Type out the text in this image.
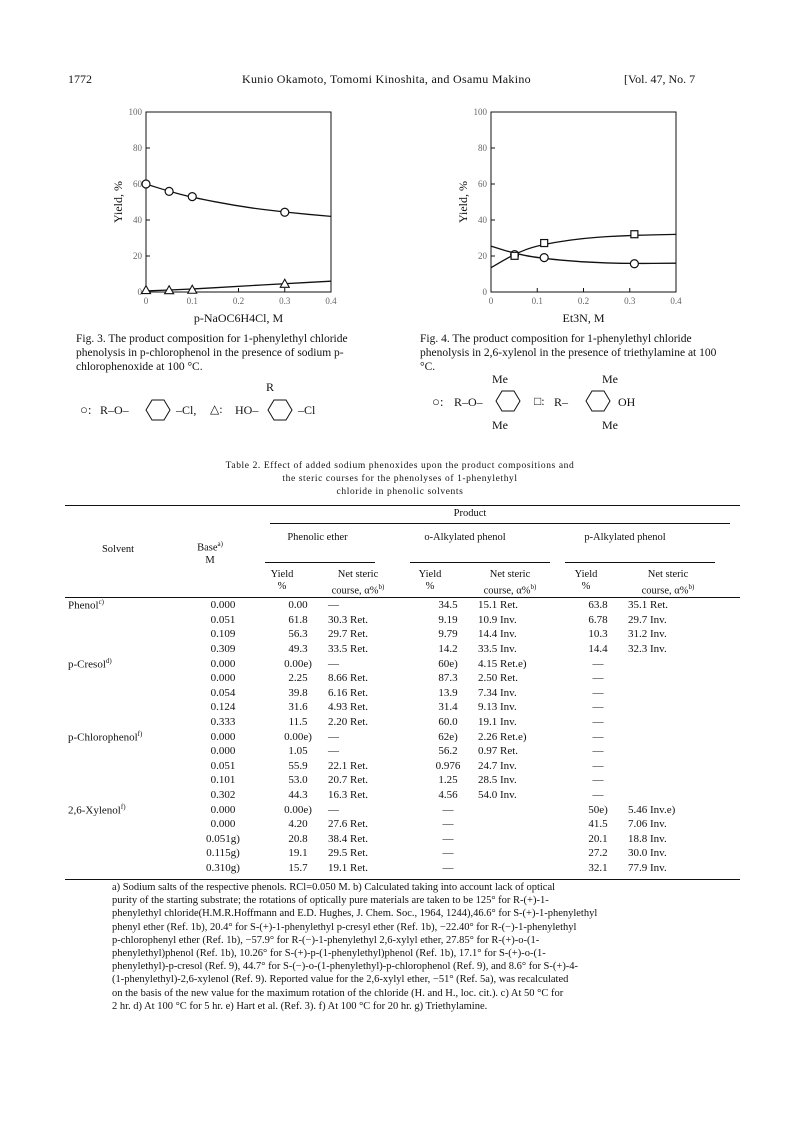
1772	Kunio Okamoto, Tomomi Kinoshita, and Osamu Makino	[Vol. 47, No. 7
0	0.1	0.2	0.3	0.4
0
20
40
60
80
100
p-NaOC6H4Cl, M
Yield, %
0	0.1	0.2	0.3	0.4
0
20
40
60
80
100
Et3N, M
Yield, %
Fig. 3. The product composition for 1-phenylethyl chloride phenolysis in p-chlorophenol in the presence of sodium p-chlorophenoxide at 100 °C.
Fig. 4. The product composition for 1-phenylethyl chloride phenolysis in 2,6-xylenol in the presence of triethylamine at 100 °C.
○: R–O–	–Cl, △:
R
HO–	–Cl
Me	Me
○: R–O–	□: R–	OH
Me	Me
Table 2. Effect of added sodium phenoxides upon the product compositions and
the steric courses for the phenolyses of 1-phenylethyl
chloride in phenolic solvents
Product
Solvent	Base$^{a)}$
M
Phenolic ether	o-Alkylated phenol	p-Alkylated phenol
Yield
%
Net steric
course, α%$^{b)}$
Yield
%
Net steric
course, α%$^{b)}$
Yield
%
Net steric
course, α%$^{b)}$
Phenol$^{c)}$	0.000	0.00	—	34.5	15.1 Ret.	63.8	35.1 Ret.
	0.051	61.8	30.3 Ret.	9.19	10.9 Inv.	6.78	29.7 Inv.
	0.109	56.3	29.7 Ret.	9.79	14.4 Inv.	10.3	31.2 Inv.
	0.309	49.3	33.5 Ret.	14.2	33.5 Inv.	14.4	32.3 Inv.
p-Cresol$^{d)}$	0.000	0.00e)	—	60e)	4.15 Ret.e)	—	
	0.000	2.25	8.66 Ret.	87.3	2.50 Ret.	—	
	0.054	39.8	6.16 Ret.	13.9	7.34 Inv.	—	
	0.124	31.6	4.93 Ret.	31.4	9.13 Inv.	—	
	0.333	11.5	2.20 Ret.	60.0	19.1 Inv.	—	
p-Chlorophenol$^{f)}$	0.000	0.00e)	—	62e)	2.26 Ret.e)	—	
	0.000	1.05	—	56.2	0.97 Ret.	—	
	0.051	55.9	22.1 Ret.	0.976	24.7 Inv.	—	
	0.101	53.0	20.7 Ret.	1.25	28.5 Inv.	—	
	0.302	44.3	16.3 Ret.	4.56	54.0 Inv.	—	
2,6-Xylenol$^{f)}$	0.000	0.00e)	—	—		50e)	5.46 Inv.e)
	0.000	4.20	27.6 Ret.	—		41.5	7.06 Inv.
	0.051g)	20.8	38.4 Ret.	—		20.1	18.8 Inv.
	0.115g)	19.1	29.5 Ret.	—		27.2	30.0 Inv.
	0.310g)	15.7	19.1 Ret.	—		32.1	77.9 Inv.
a) Sodium salts of the respective phenols. RCl=0.050 M. b) Calculated taking into account lack of optical
purity of the starting substrate; the rotations of optically pure materials are taken to be 125° for R-(+)-1-
phenylethyl chloride(H.M.R.Hoffmann and E.D. Hughes, J. Chem. Soc., 1964, 1244),46.6° for S-(+)-1-phenylethyl
phenyl ether (Ref. 1b), 20.4° for S-(+)-1-phenylethyl p-cresyl ether (Ref. 1b), −22.40° for R-(−)-1-phenylethyl
p-chlorophenyl ether (Ref. 1b), −57.9° for R-(−)-1-phenylethyl 2,6-xylyl ether, 27.85° for R-(+)-o-(1-
phenylethyl)phenol (Ref. 1b), 10.26° for S-(+)-p-(1-phenylethyl)phenol (Ref. 1b), 17.1° for S-(+)-o-(1-
phenylethyl)-p-cresol (Ref. 9), 44.7° for S-(−)-o-(1-phenylethyl)-p-chlorophenol (Ref. 9), and 8.6° for S-(+)-4-
(1-phenylethyl)-2,6-xylenol (Ref. 9). Reported value for the 2,6-xylyl ether, −51° (Ref. 5a), was recalculated
on the basis of the new value for the maximum rotation of the chloride (H. and H., loc. cit.). c) At 50 °C for
2 hr. d) At 100 °C for 5 hr. e) Hart et al. (Ref. 3). f) At 100 °C for 20 hr. g) Triethylamine.
